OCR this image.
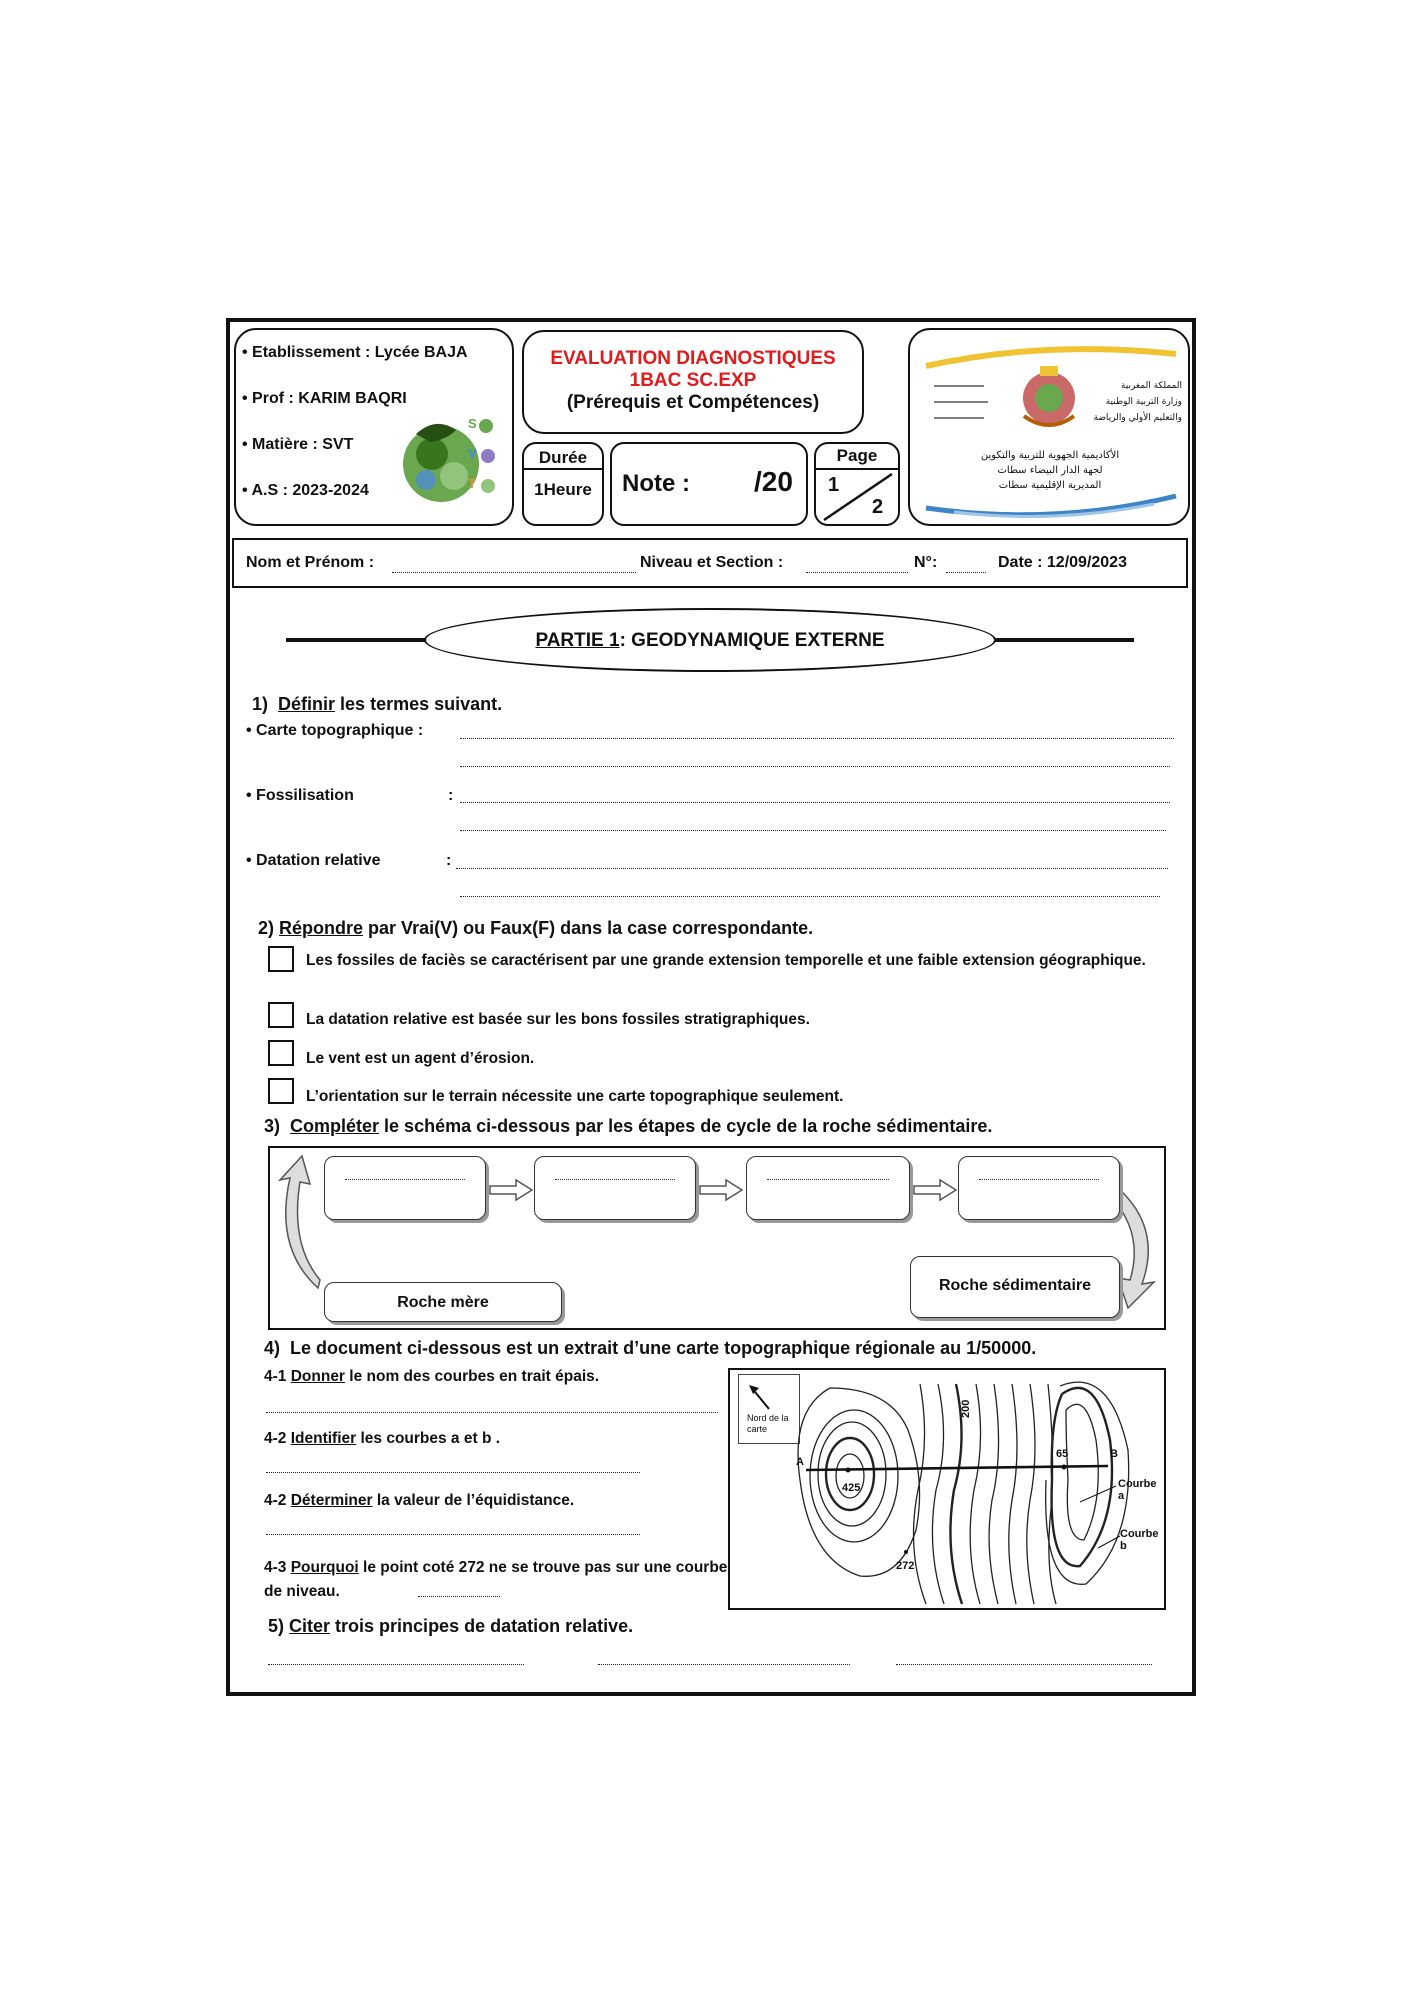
• Etablissement : Lycée BAJA
• Prof : KARIM BAQRI
• Matière : SVT
• A.S : 2023-2024
S
V
T
EVALUATION DIAGNOSTIQUES
1BAC SC.EXP
(Prérequis et Compétences)
Durée
1Heure	Note : /20
Page
1
2
المملكة المغربية
وزارة التربية الوطنية
والتعليم الأولي والرياضة
الأكاديمية الجهوية للتربية والتكوين
لجهة الدار البيضاء سطات
المديرية الإقليمية سطات
Nom et Prénom :	Niveau et Section :	N°:	Date : 12/09/2023
PARTIE 1: GEODYNAMIQUE EXTERNE
1) Définir les termes suivant.
• Carte topographique :
• Fossilisation	:
• Datation relative	:
2) Répondre par Vrai(V) ou Faux(F) dans la case correspondante.
Les fossiles de faciès se caractérisent par une grande extension temporelle et une faible extension géographique.
La datation relative est basée sur les bons fossiles stratigraphiques.
Le vent est un agent d’érosion.
L’orientation sur le terrain nécessite une carte topographique seulement.
3) Compléter le schéma ci-dessous par les étapes de cycle de la roche sédimentaire.
Roche mère
Roche sédimentaire
4) Le document ci-dessous est un extrait d’une carte topographique régionale au 1/50000.
4-1 Donner le nom des courbes en trait épais.
4-2 Identifier les courbes a et b .
4-2 Déterminer la valeur de l’équidistance.
4-3 Pourquoi le point coté 272 ne se trouve pas sur une courbe de niveau.
Nord de la carte
200
425
65
272
A
B
Courbe a
Courbe b
5) Citer trois principes de datation relative.
